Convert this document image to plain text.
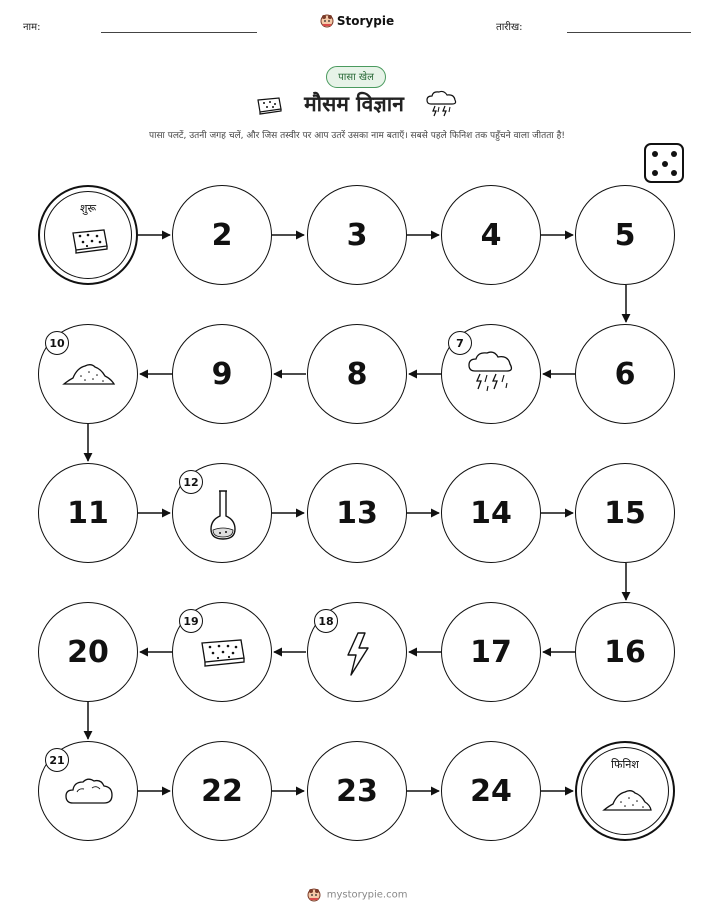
नाम:	Storypie	तारीख:
पासा खेल
मौसम विज्ञान
पासा पलटें, उतनी जगह चलें, और जिस तस्वीर पर आप उतरें उसका नाम बताएँ। सबसे पहले फिनिश तक पहुँचने वाला जीतता है!
शुरू
2	3	4	5
10
9	8
7
6
11
12
13	14	15
20
19	18
17	16
21
22	23	24
फिनिश
mystorypie.com
